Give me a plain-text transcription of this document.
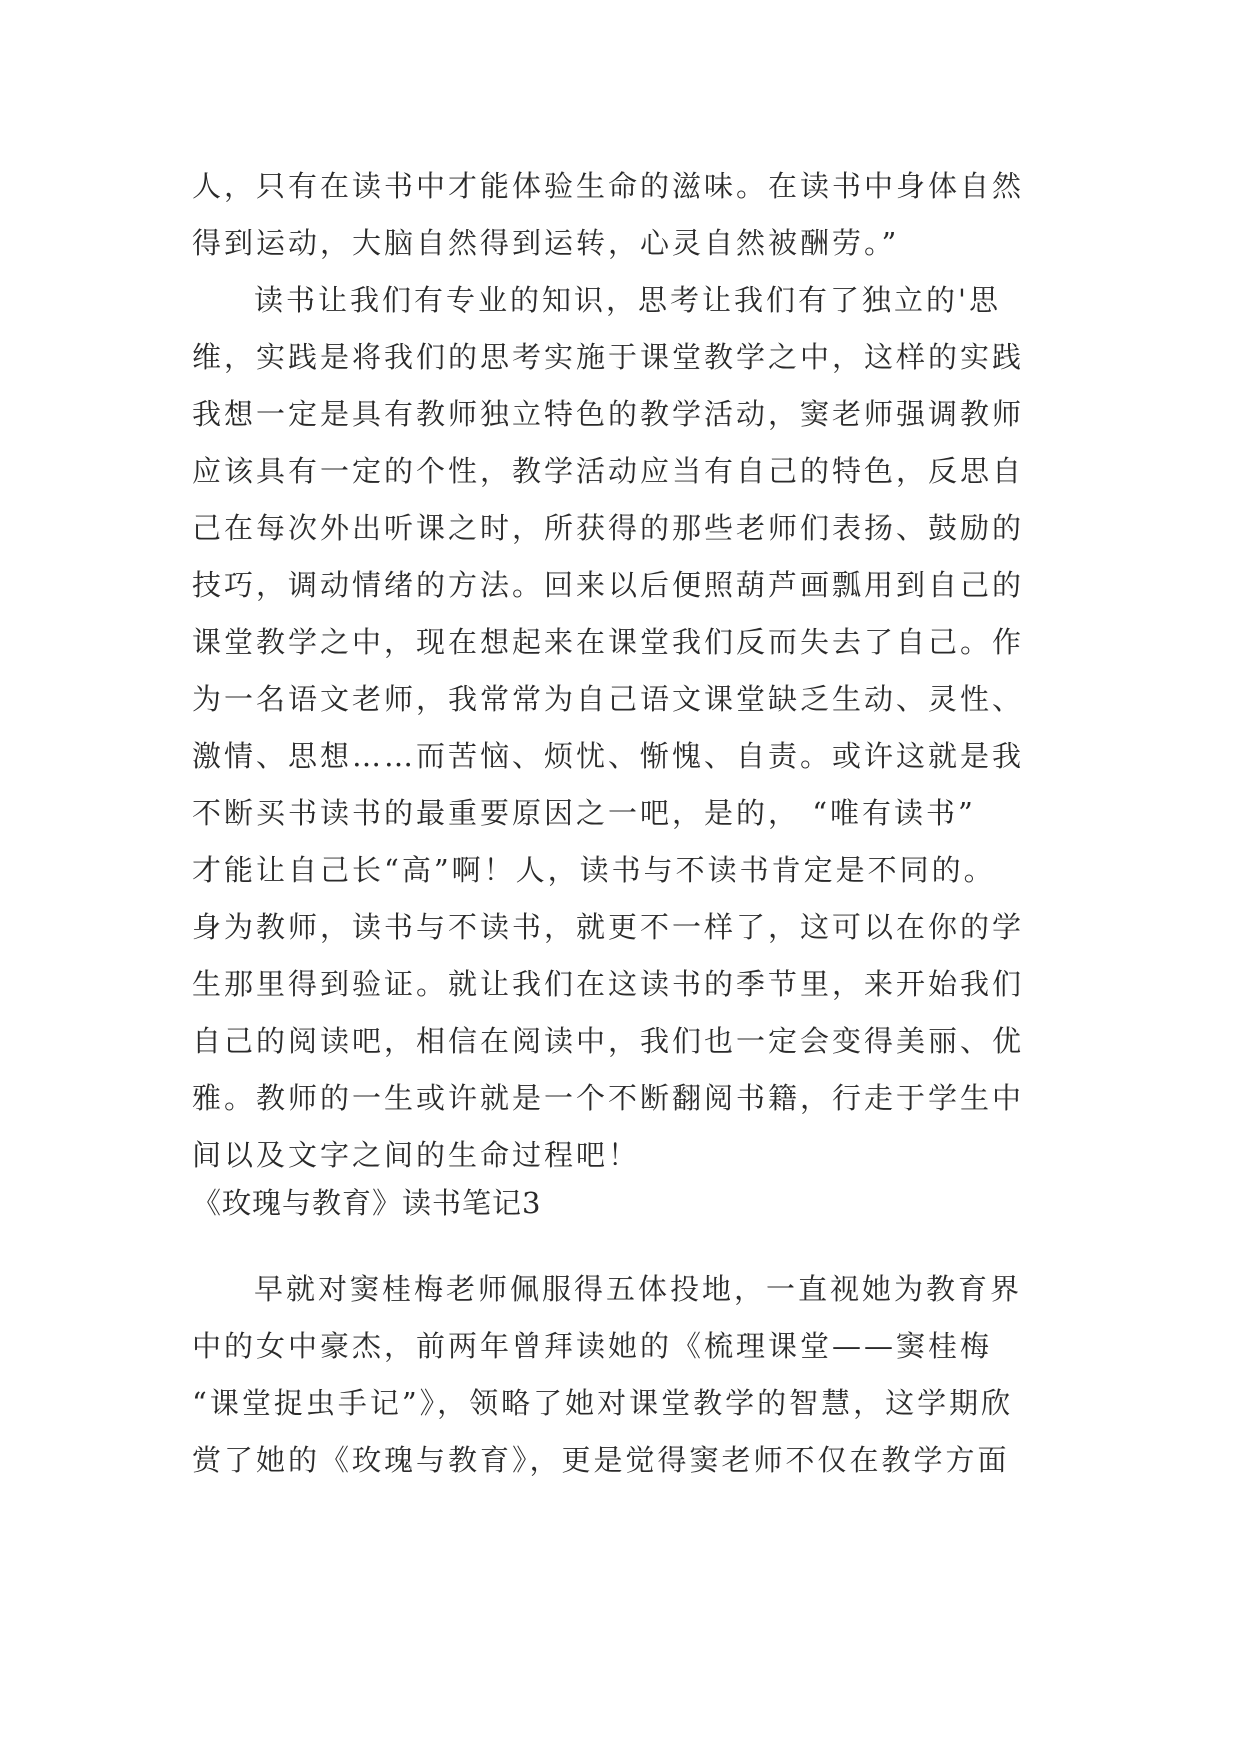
人，只有在读书中才能体验生命的滋味。在读书中身体自然
得到运动，大脑自然得到运转，心灵自然被酬劳。”
读书让我们有专业的知识，思考让我们有了独立的'思
维，实践是将我们的思考实施于课堂教学之中，这样的实践
我想一定是具有教师独立特色的教学活动，窦老师强调教师
应该具有一定的个性，教学活动应当有自己的特色，反思自
己在每次外出听课之时，所获得的那些老师们表扬、鼓励的
技巧，调动情绪的方法。回来以后便照葫芦画瓢用到自己的
课堂教学之中，现在想起来在课堂我们反而失去了自己。作
为一名语文老师，我常常为自己语文课堂缺乏生动、灵性、
激情、思想……而苦恼、烦忧、惭愧、自责。或许这就是我
不断买书读书的最重要原因之一吧，是的， “唯有读书”
才能让自己长“高”啊！人，读书与不读书肯定是不同的。
身为教师，读书与不读书，就更不一样了，这可以在你的学
生那里得到验证。就让我们在这读书的季节里，来开始我们
自己的阅读吧，相信在阅读中，我们也一定会变得美丽、优
雅。教师的一生或许就是一个不断翻阅书籍，行走于学生中
间以及文字之间的生命过程吧！
《玫瑰与教育》读书笔记3
早就对窦桂梅老师佩服得五体投地，一直视她为教育界
中的女中豪杰，前两年曾拜读她的《梳理课堂——窦桂梅
“课堂捉虫手记”》，领略了她对课堂教学的智慧，这学期欣
赏了她的《玫瑰与教育》，更是觉得窦老师不仅在教学方面
